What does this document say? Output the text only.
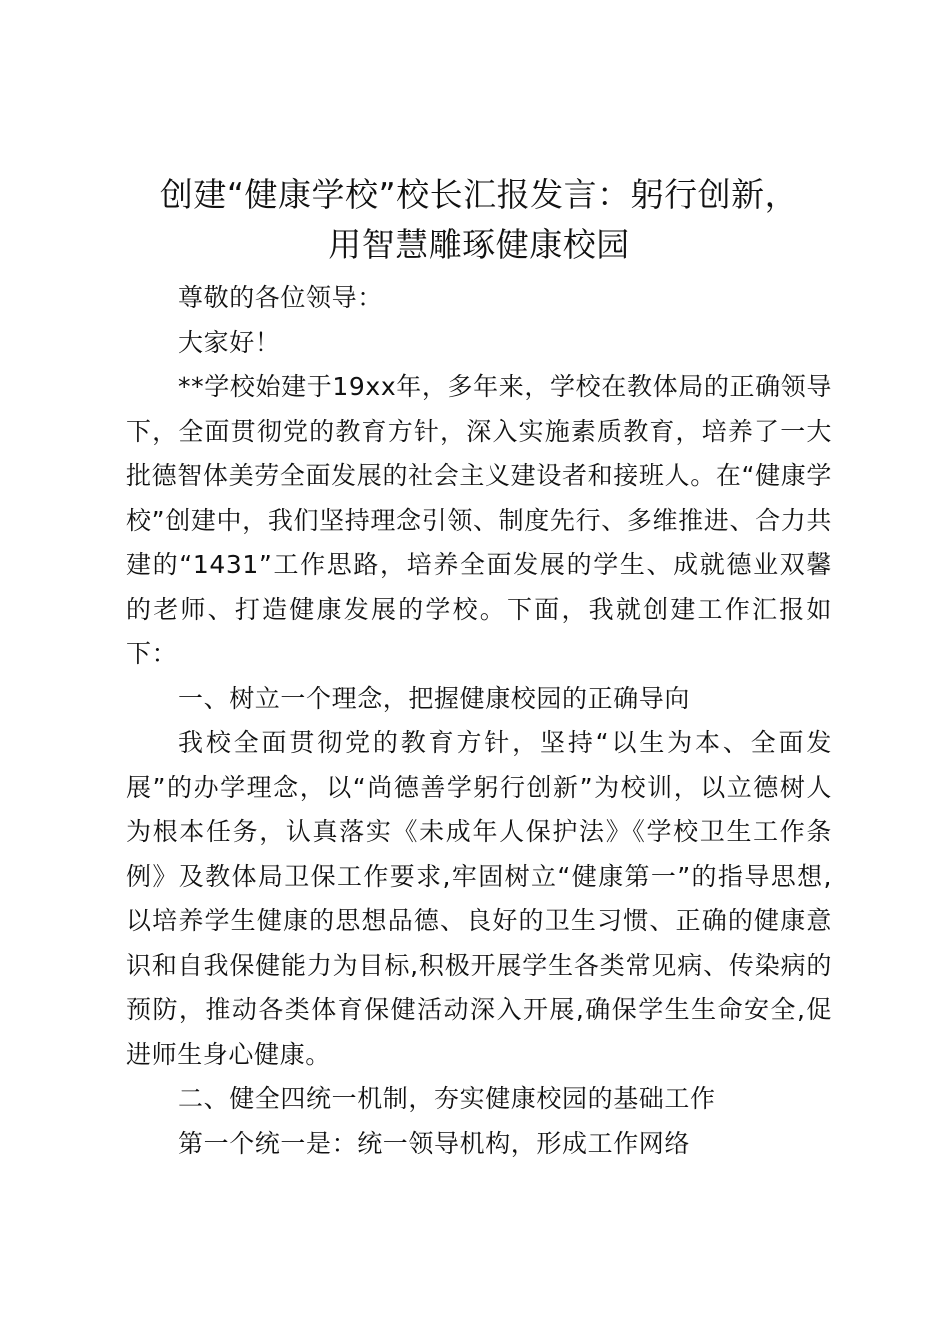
创建“健康学校”校长汇报发言：躬行创新，
用智慧雕琢健康校园

尊敬的各位领导：

大家好！

**学校始建于19xx年，多年来，学校在教体局的正确领导下，全面贯彻党的教育方针，深入实施素质教育，培养了一大批德智体美劳全面发展的社会主义建设者和接班人。在“健康学校”创建中，我们坚持理念引领、制度先行、多维推进、合力共建的“1431”工作思路，培养全面发展的学生、成就德业双馨的老师、打造健康发展的学校。下面，我就创建工作汇报如下：

一、树立一个理念，把握健康校园的正确导向

我校全面贯彻党的教育方针，坚持“以生为本、全面发展”的办学理念，以“尚德善学躬行创新”为校训，以立德树人为根本任务，认真落实《未成年人保护法》《学校卫生工作条例》及教体局卫保工作要求,牢固树立“健康第一”的指导思想,以培养学生健康的思想品德、良好的卫生习惯、正确的健康意识和自我保健能力为目标,积极开展学生各类常见病、传染病的预防，推动各类体育保健活动深入开展,确保学生生命安全,促进师生身心健康。

二、健全四统一机制，夯实健康校园的基础工作

第一个统一是：统一领导机构，形成工作网络
